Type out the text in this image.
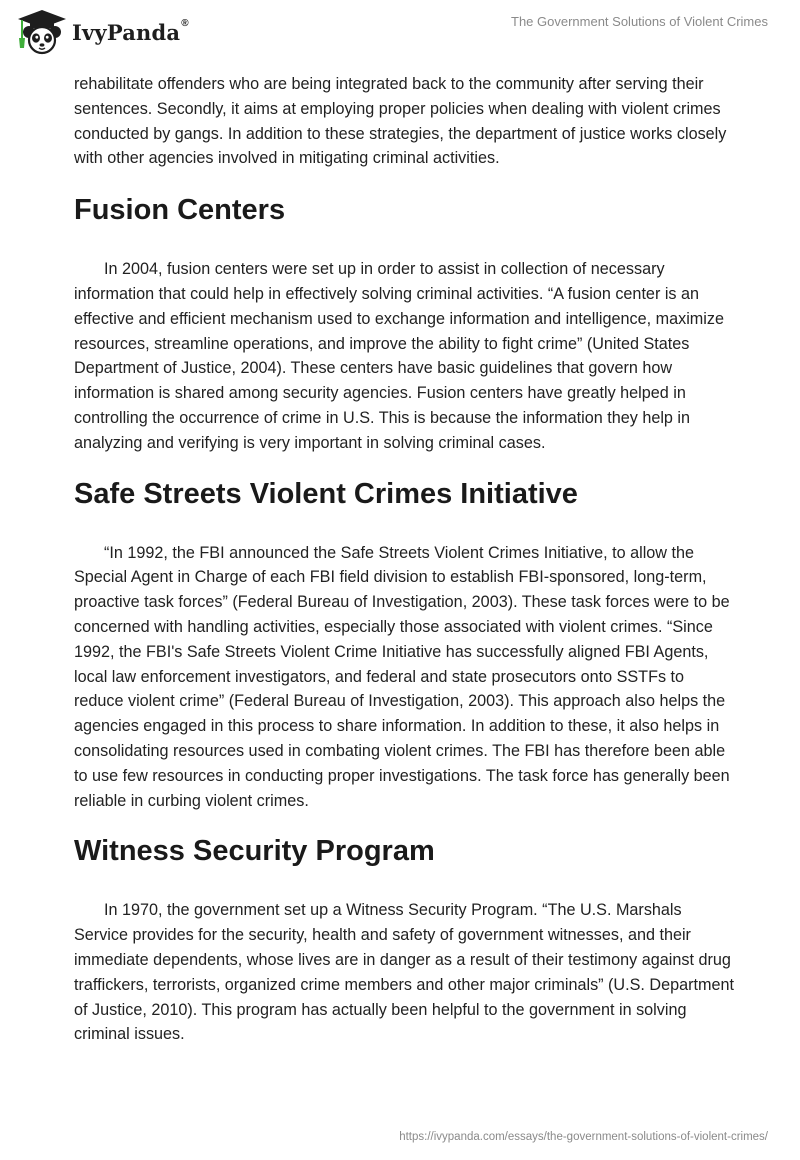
IvyPanda®	The Government Solutions of Violent Crimes

rehabilitate offenders who are being integrated back to the community after serving their sentences. Secondly, it aims at employing proper policies when dealing with violent crimes conducted by gangs. In addition to these strategies, the department of justice works closely with other agencies involved in mitigating criminal activities.

Fusion Centers

In 2004, fusion centers were set up in order to assist in collection of necessary information that could help in effectively solving criminal activities. “A fusion center is an effective and efficient mechanism used to exchange information and intelligence, maximize resources, streamline operations, and improve the ability to fight crime” (United States Department of Justice, 2004). These centers have basic guidelines that govern how information is shared among security agencies. Fusion centers have greatly helped in controlling the occurrence of crime in U.S. This is because the information they help in analyzing and verifying is very important in solving criminal cases.

Safe Streets Violent Crimes Initiative

“In 1992, the FBI announced the Safe Streets Violent Crimes Initiative, to allow the Special Agent in Charge of each FBI field division to establish FBI-sponsored, long-term, proactive task forces” (Federal Bureau of Investigation, 2003). These task forces were to be concerned with handling activities, especially those associated with violent crimes. “Since 1992, the FBI's Safe Streets Violent Crime Initiative has successfully aligned FBI Agents, local law enforcement investigators, and federal and state prosecutors onto SSTFs to reduce violent crime” (Federal Bureau of Investigation, 2003). This approach also helps the agencies engaged in this process to share information. In addition to these, it also helps in consolidating resources used in combating violent crimes. The FBI has therefore been able to use few resources in conducting proper investigations. The task force has generally been reliable in curbing violent crimes.

Witness Security Program

In 1970, the government set up a Witness Security Program. “The U.S. Marshals Service provides for the security, health and safety of government witnesses, and their immediate dependents, whose lives are in danger as a result of their testimony against drug traffickers, terrorists, organized crime members and other major criminals” (U.S. Department of Justice, 2010). This program has actually been helpful to the government in solving criminal issues.

https://ivypanda.com/essays/the-government-solutions-of-violent-crimes/
